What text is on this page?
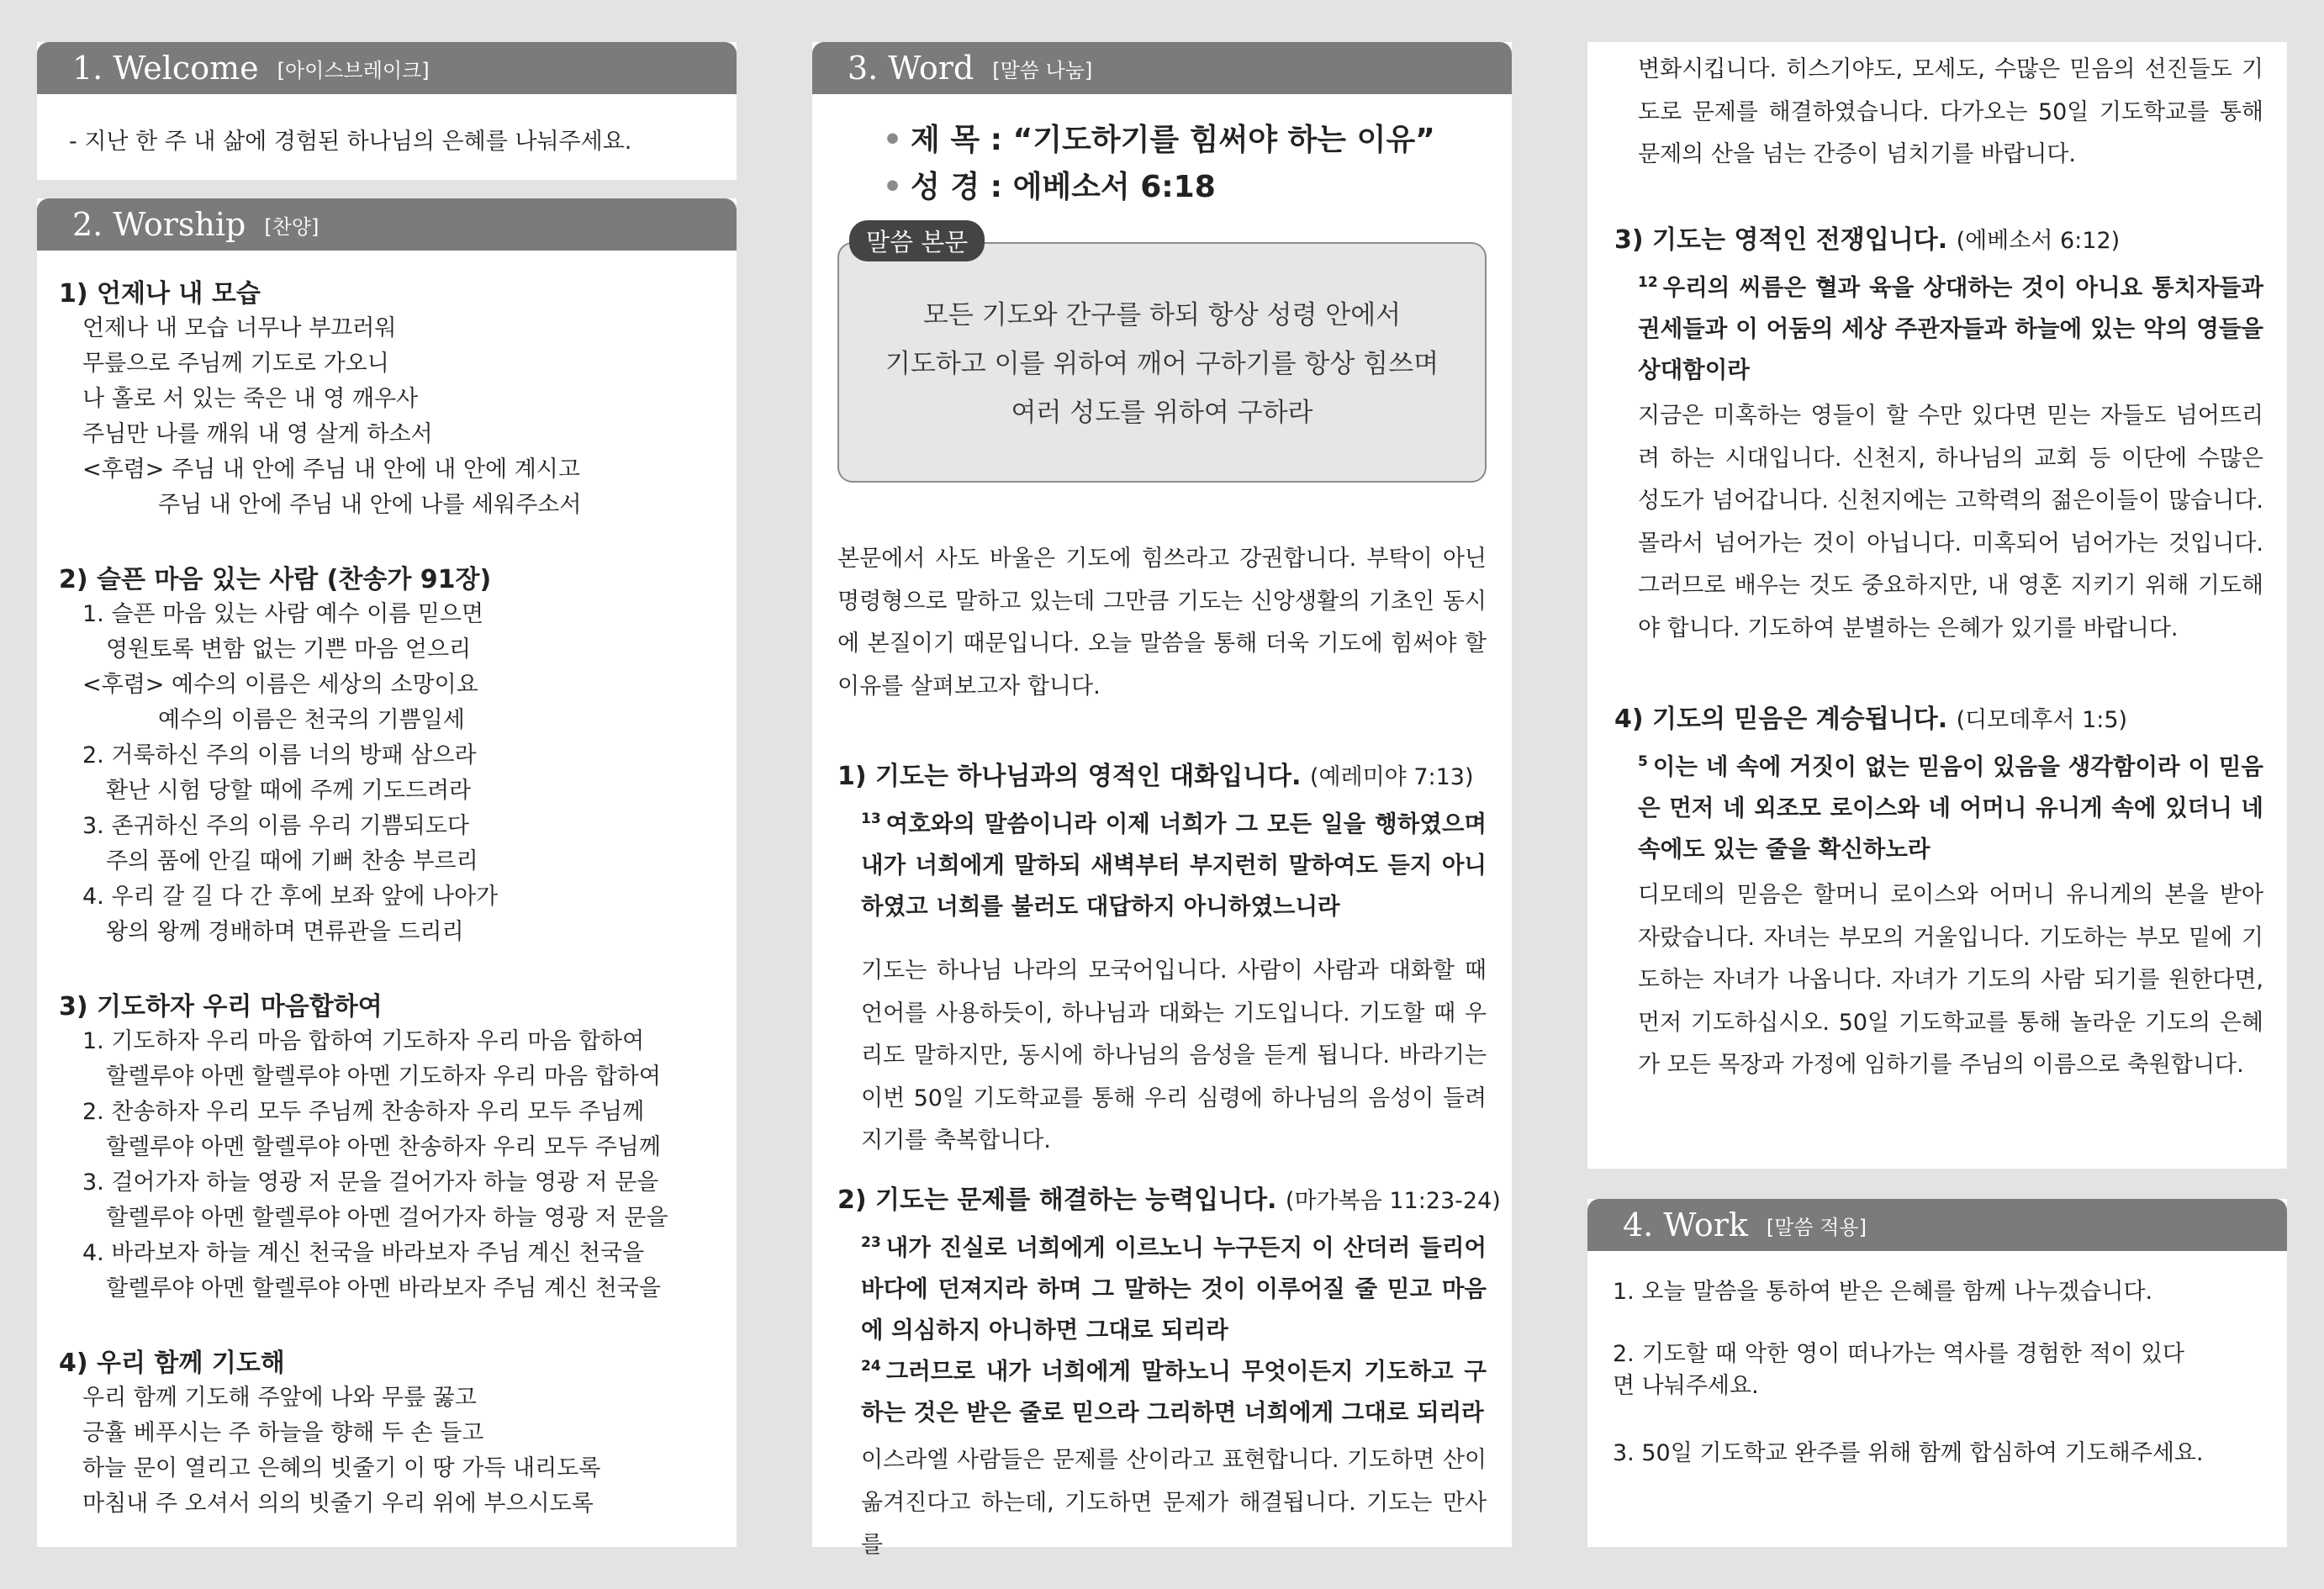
1. Welcome [아이스브레이크]
- 지난 한 주 내 삶에 경험된 하나님의 은혜를 나눠주세요.
2. Worship [찬양]
1) 언제나 내 모습
언제나 내 모습 너무나 부끄러워
무릎으로 주님께 기도로 가오니
나 홀로 서 있는 죽은 내 영 깨우사
주님만 나를 깨워 내 영 살게 하소서
<후렴> 주님 내 안에 주님 내 안에 내 안에 계시고
주님 내 안에 주님 내 안에 나를 세워주소서
2) 슬픈 마음 있는 사람 (찬송가 91장)
1. 슬픈 마음 있는 사람 예수 이름 믿으면
영원토록 변함 없는 기쁜 마음 얻으리
<후렴> 예수의 이름은 세상의 소망이요
예수의 이름은 천국의 기쁨일세
2. 거룩하신 주의 이름 너의 방패 삼으라
환난 시험 당할 때에 주께 기도드려라
3. 존귀하신 주의 이름 우리 기쁨되도다
주의 품에 안길 때에 기뻐 찬송 부르리
4. 우리 갈 길 다 간 후에 보좌 앞에 나아가
왕의 왕께 경배하며 면류관을 드리리
3) 기도하자 우리 마음합하여
1. 기도하자 우리 마음 합하여 기도하자 우리 마음 합하여
할렐루야 아멘 할렐루야 아멘 기도하자 우리 마음 합하여
2. 찬송하자 우리 모두 주님께 찬송하자 우리 모두 주님께
할렐루야 아멘 할렐루야 아멘 찬송하자 우리 모두 주님께
3. 걸어가자 하늘 영광 저 문을 걸어가자 하늘 영광 저 문을
할렐루야 아멘 할렐루야 아멘 걸어가자 하늘 영광 저 문을
4. 바라보자 하늘 계신 천국을 바라보자 주님 계신 천국을
할렐루야 아멘 할렐루야 아멘 바라보자 주님 계신 천국을
4) 우리 함께 기도해
우리 함께 기도해 주앞에 나와 무릎 꿇고
긍휼 베푸시는 주 하늘을 향해 두 손 들고
하늘 문이 열리고 은혜의 빗줄기 이 땅 가득 내리도록
마침내 주 오셔서 의의 빗줄기 우리 위에 부으시도록
3. Word [말씀 나눔]
• 제 목 : “기도하기를 힘써야 하는 이유”
• 성 경 : 에베소서 6:18
모든 기도와 간구를 하되 항상 성령 안에서
기도하고 이를 위하여 깨어 구하기를 항상 힘쓰며
여러 성도를 위하여 구하라
말씀 본문
본문에서 사도 바울은 기도에 힘쓰라고 강권합니다. 부탁이 아닌 명령형으로 말하고 있는데 그만큼 기도는 신앙생활의 기초인 동시에 본질이기 때문입니다. 오늘 말씀을 통해 더욱 기도에 힘써야 할 이유를 살펴보고자 합니다.
1) 기도는 하나님과의 영적인 대화입니다. (예레미야 7:13)
$^{13}$ 여호와의 말씀이니라 이제 너희가 그 모든 일을 행하였으며 내가 너희에게 말하되 새벽부터 부지런히 말하여도 듣지 아니하였고 너희를 불러도 대답하지 아니하였느니라
기도는 하나님 나라의 모국어입니다. 사람이 사람과 대화할 때 언어를 사용하듯이, 하나님과 대화는 기도입니다. 기도할 때 우리도 말하지만, 동시에 하나님의 음성을 듣게 됩니다. 바라기는 이번 50일 기도학교를 통해 우리 심령에 하나님의 음성이 들려지기를 축복합니다.
2) 기도는 문제를 해결하는 능력입니다. (마가복음 11:23-24)
$^{23}$ 내가 진실로 너희에게 이르노니 누구든지 이 산더러 들리어 바다에 던져지라 하며 그 말하는 것이 이루어질 줄 믿고 마음에 의심하지 아니하면 그대로 되리라
$^{24}$ 그러므로 내가 너희에게 말하노니 무엇이든지 기도하고 구하는 것은 받은 줄로 믿으라 그리하면 너희에게 그대로 되리라
이스라엘 사람들은 문제를 산이라고 표현합니다. 기도하면 산이 옮겨진다고 하는데, 기도하면 문제가 해결됩니다. 기도는 만사를
변화시킵니다. 히스기야도, 모세도, 수많은 믿음의 선진들도 기도로 문제를 해결하였습니다. 다가오는 50일 기도학교를 통해 문제의 산을 넘는 간증이 넘치기를 바랍니다.
3) 기도는 영적인 전쟁입니다. (에베소서 6:12)
$^{12}$ 우리의 씨름은 혈과 육을 상대하는 것이 아니요 통치자들과 권세들과 이 어둠의 세상 주관자들과 하늘에 있는 악의 영들을 상대함이라
지금은 미혹하는 영들이 할 수만 있다면 믿는 자들도 넘어뜨리려 하는 시대입니다. 신천지, 하나님의 교회 등 이단에 수많은 성도가 넘어갑니다. 신천지에는 고학력의 젊은이들이 많습니다. 몰라서 넘어가는 것이 아닙니다. 미혹되어 넘어가는 것입니다. 그러므로 배우는 것도 중요하지만, 내 영혼 지키기 위해 기도해야 합니다. 기도하여 분별하는 은혜가 있기를 바랍니다.
4) 기도의 믿음은 계승됩니다. (디모데후서 1:5)
$^5$ 이는 네 속에 거짓이 없는 믿음이 있음을 생각함이라 이 믿음은 먼저 네 외조모 로이스와 네 어머니 유니게 속에 있더니 네 속에도 있는 줄을 확신하노라
디모데의 믿음은 할머니 로이스와 어머니 유니게의 본을 받아 자랐습니다. 자녀는 부모의 거울입니다. 기도하는 부모 밑에 기도하는 자녀가 나옵니다. 자녀가 기도의 사람 되기를 원한다면, 먼저 기도하십시오. 50일 기도학교를 통해 놀라운 기도의 은혜가 모든 목장과 가정에 임하기를 주님의 이름으로 축원합니다.
4. Work [말씀 적용]
1. 오늘 말씀을 통하여 받은 은혜를 함께 나누겠습니다.
2. 기도할 때 악한 영이 떠나가는 역사를 경험한 적이 있다면 나눠주세요.
3. 50일 기도학교 완주를 위해 함께 합심하여 기도해주세요.
